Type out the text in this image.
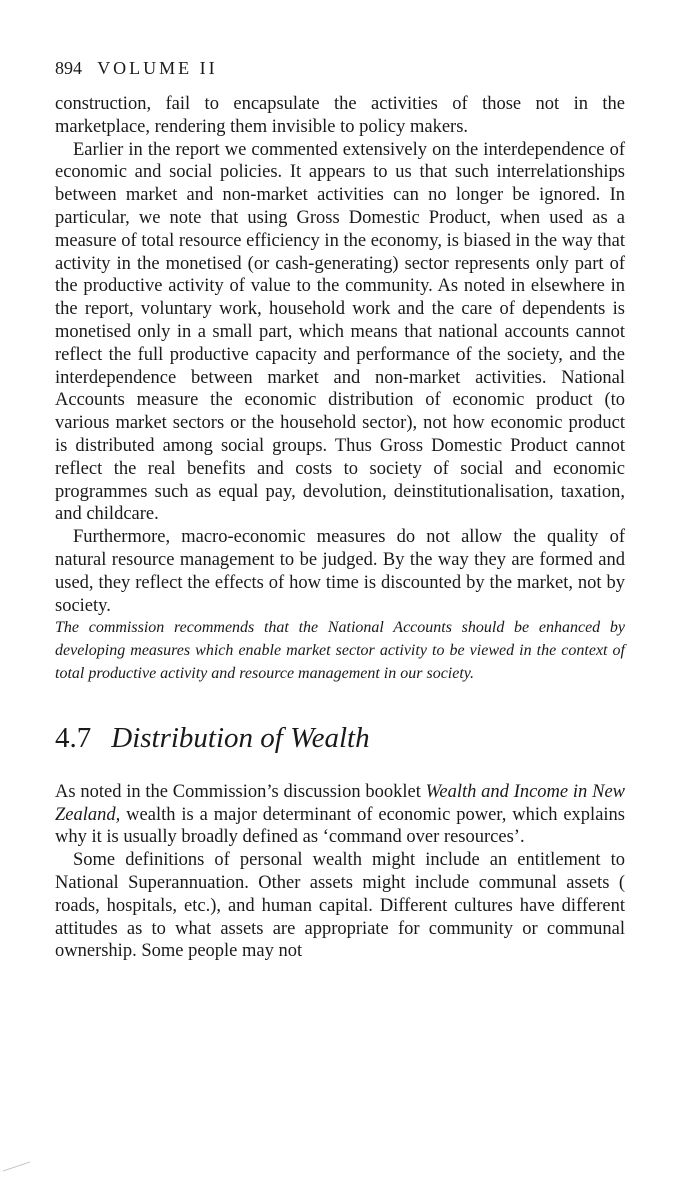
894 VOLUME II

construction, fail to encapsulate the activities of those not in the marketplace, rendering them invisible to policy makers.

Earlier in the report we commented extensively on the interdependence of economic and social policies. It appears to us that such interrelationships between market and non-market activities can no longer be ignored. In particular, we note that using Gross Domestic Product, when used as a measure of total resource efficiency in the economy, is biased in the way that activity in the monetised (or cash-generating) sector represents only part of the productive activity of value to the community. As noted in elsewhere in the report, voluntary work, household work and the care of dependents is monetised only in a small part, which means that national accounts cannot reflect the full productive capacity and performance of the society, and the interdependence between market and non-market activities. National Accounts measure the economic distribution of economic product (to various market sectors or the household sector), not how economic product is distributed among social groups. Thus Gross Domestic Product cannot reflect the real benefits and costs to society of social and economic programmes such as equal pay, devolution, deinstitutionalisation, taxation, and childcare.

Furthermore, macro-economic measures do not allow the quality of natural resource management to be judged. By the way they are formed and used, they reflect the effects of how time is discounted by the market, not by society.

The commission recommends that the National Accounts should be enhanced by developing measures which enable market sector activity to be viewed in the context of total productive activity and resource management in our society.

4.7 Distribution of Wealth

As noted in the Commission’s discussion booklet Wealth and Income in New Zealand, wealth is a major determinant of economic power, which explains why it is usually broadly defined as ‘command over resources’.

Some definitions of personal wealth might include an entitlement to National Superannuation. Other assets might include communal assets ( roads, hospitals, etc.), and human capital. Different cultures have different attitudes as to what assets are appropriate for community or communal ownership. Some people may not
